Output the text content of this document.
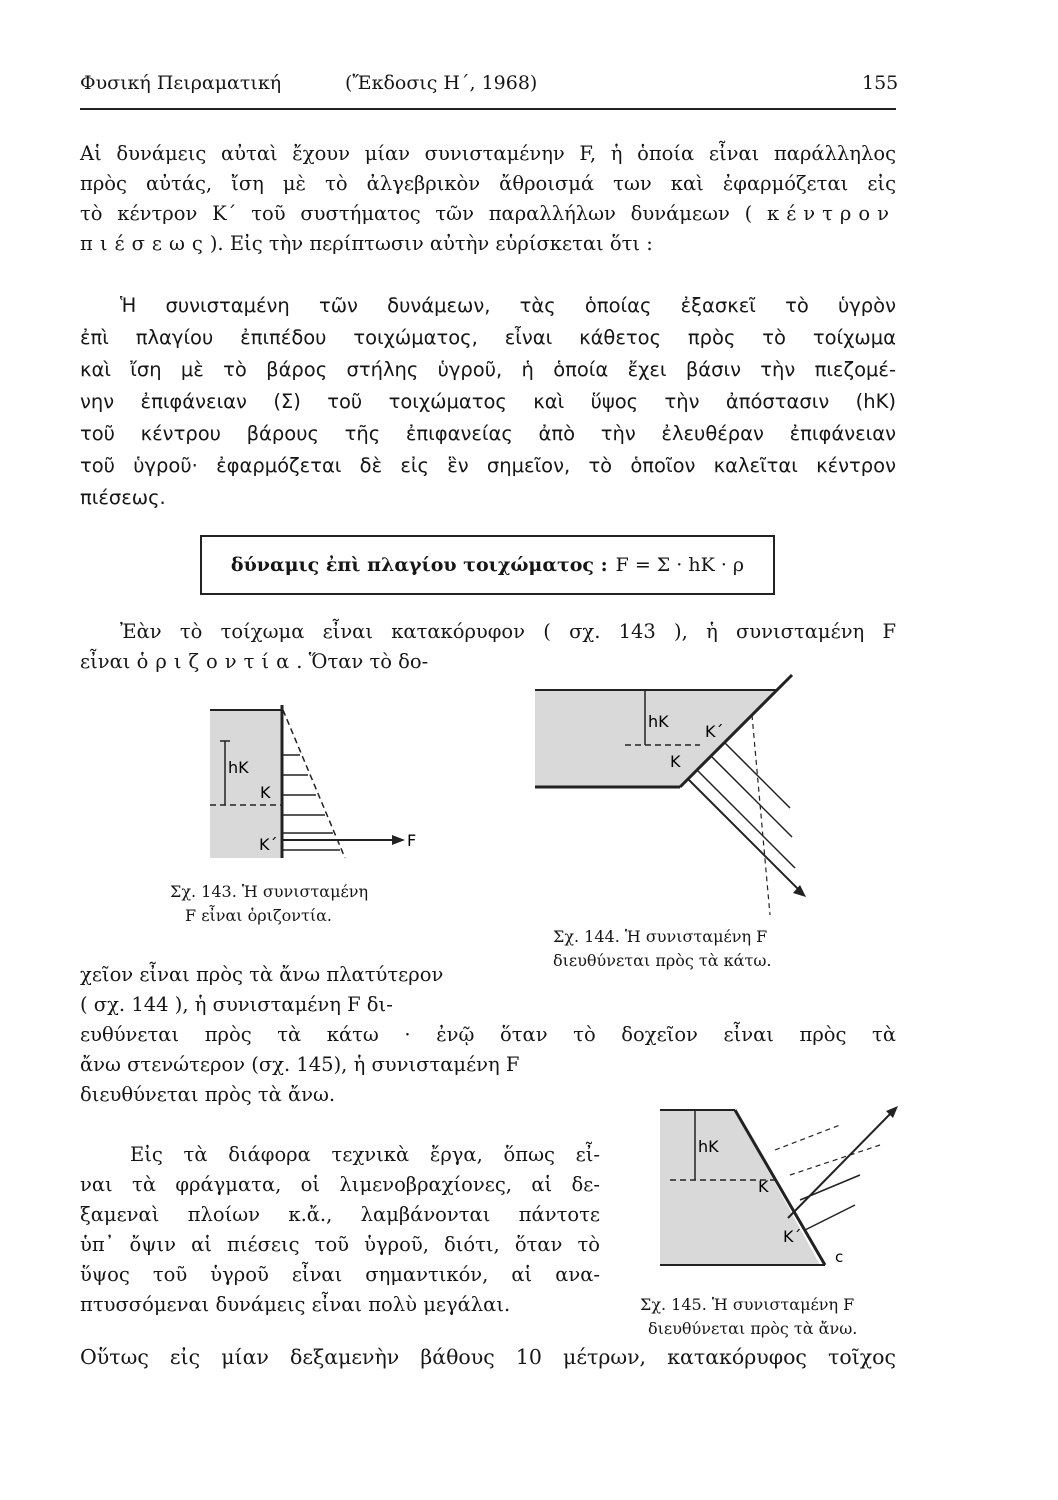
Φυσική Πειραματική	(Ἔκδοσις Η΄, 1968)	155
Αἱ δυνάμεις αὐταὶ ἔχουν μίαν συνισταμένην F, ἡ ὁποία εἶναι παράλληλος
πρὸς αὐτάς, ἴση μὲ τὸ ἀλγεβρικὸν ἄθροισμά των καὶ ἐφαρμόζεται εἰς
τὸ κέντρον Κ΄ τοῦ συστήματος τῶν παραλλήλων δυνάμεων ( κέντρον
πιέσεως). Εἰς τὴν περίπτωσιν αὐτὴν εὑρίσκεται ὅτι :
Ἡ συνισταμένη τῶν δυνάμεων, τὰς ὁποίας ἐξασκεῖ τὸ ὑγρὸν
ἐπὶ πλαγίου ἐπιπέδου τοιχώματος, εἶναι κάθετος πρὸς τὸ τοίχωμα
καὶ ἴση μὲ τὸ βάρος στήλης ὑγροῦ, ἡ ὁποία ἔχει βάσιν τὴν πιεζομέ-
νην ἐπιφάνειαν (Σ) τοῦ τοιχώματος καὶ ὕψος τὴν ἀπόστασιν (hΚ)
τοῦ κέντρου βάρους τῆς ἐπιφανείας ἀπὸ τὴν ἐλευθέραν ἐπιφάνειαν
τοῦ ὑγροῦ· ἐφαρμόζεται δὲ εἰς ἓν σημεῖον, τὸ ὁποῖον καλεῖται κέντρον
πιέσεως.
δύναμις ἐπὶ πλαγίου τοιχώματος : F = Σ · hΚ · ρ
Ἐὰν τὸ τοίχωμα εἶναι κατακόρυφον ( σχ. 143 ), ἡ συνισταμένη F
εἶναι ὁριζοντία. Ὅταν τὸ δο-
hΚ
Κ
Κ΄	F
Σχ. 143. Ἡ συνισταμένη
F εἶναι ὁριζοντία.
hΚ
Κ΄
Κ
Σχ. 144. Ἡ συνισταμένη F
διευθύνεται πρὸς τὰ κάτω.
χεῖον εἶναι πρὸς τὰ ἄνω πλατύτερον
( σχ. 144 ), ἡ συνισταμένη F δι-
ευθύνεται πρὸς τὰ κάτω · ἐνῷ ὅταν τὸ δοχεῖον εἶναι πρὸς τὰ
ἄνω στενώτερον (σχ. 145), ἡ συνισταμένη F
διευθύνεται πρὸς τὰ ἄνω.
hΚ
Κ
Κ΄
c
Σχ. 145. Ἡ συνισταμένη F
διευθύνεται πρὸς τὰ ἄνω.
Εἰς τὰ διάφορα τεχνικὰ ἔργα, ὅπως εἶ-
ναι τὰ φράγματα, οἱ λιμενοβραχίονες, αἱ δε-
ξαμεναὶ πλοίων κ.ἄ., λαμβάνονται πάντοτε
ὑπ᾽ ὄψιν αἱ πιέσεις τοῦ ὑγροῦ, διότι, ὅταν τὸ
ὕψος τοῦ ὑγροῦ εἶναι σημαντικόν, αἱ ανα-
πτυσσόμεναι δυνάμεις εἶναι πολὺ μεγάλαι.
Οὕτως εἰς μίαν δεξαμενὴν βάθους 10 μέτρων, κατακόρυφος τοῖχος
